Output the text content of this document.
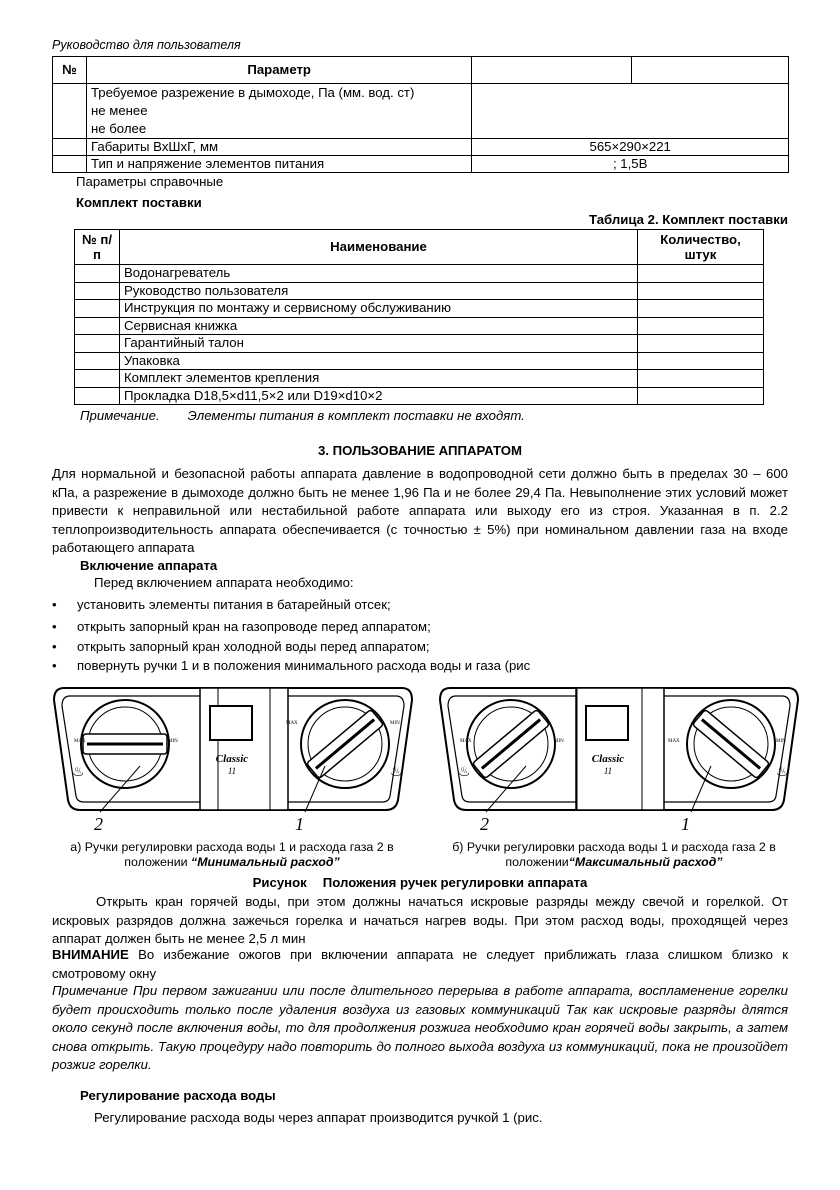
Руководство для пользователя
№	Параметр		

	Требуемое разрежение в дымоходе, Па (мм. вод. ст)
не менее
не более		

	Габариты ВхШхГ, мм	565×290×221	
	Тип и напряжение элементов питания	; 1,5В	
Параметры справочные
Комплект поставки
Таблица 2. Комплект поставки
№ п/п	Наименование	Количество, штук

	Водонагреватель	
	Руководство пользователя	
	Инструкция по монтажу и сервисному обслуживанию	
	Сервисная книжка	
	Гарантийный талон	
	Упаковка	
	Комплект элементов крепления	
	Прокладка D18,5×d11,5×2 или D19×d10×2	
Примечание. Элементы питания в комплект поставки не входят.
3. ПОЛЬЗОВАНИЕ АППАРАТОМ
Для нормальной и безопасной работы аппарата давление в водопроводной сети должно быть в пределах 30 – 600 кПа, а разрежение в дымоходе должно быть не менее 1,96 Па и не более 29,4 Па. Невыполнение этих условий может привести к неправильной или нестабильной работе аппарата или выходу его из строя. Указанная в п. 2.2 теплопроизводительность аппарата обеспечивается (с точностью ± 5%) при номинальном давлении газа на входе работающего аппарата
Включение аппарата
Перед включением аппарата необходимо:
• установить элементы питания в батарейный отсек;
• открыть запорный кран на газопроводе перед аппаратом;
• открыть запорный кран холодной воды перед аппаратом;
• повернуть ручки 1 и в положения минимального расхода воды и газа (рис
Classic
11
MAX	MIN
♨
MAX	MIN
♨
2	1
Classic
11
MAX	MIN
♨
MAX	MIN
♨
2	1
а) Ручки регулировки расхода воды 1 и расхода газа 2 в
положении “Минимальный расход”
б) Ручки регулировки расхода воды 1 и расхода газа 2 в
положении“Максимальный расход”
Рисунок Положения ручек регулировки аппарата
Открыть кран горячей воды, при этом должны начаться искровые разряды между свечой и горелкой. От искровых разрядов должна зажечься горелка и начаться нагрев воды. При этом расход воды, проходящей через аппарат должен быть не менее 2,5 л мин
ВНИМАНИЕ Во избежание ожогов при включении аппарата не следует приближать глаза слишком близко к смотровому окну
Примечание При первом зажигании или после длительного перерыва в работе аппарата, воспламенение горелки будет происходить только после удаления воздуха из газовых коммуникаций Так как искровые разряды длятся около секунд после включения воды, то для продолжения розжига необходимо кран горячей воды закрыть, а затем снова открыть. Такую процедуру надо повторить до полного выхода воздуха из коммуникаций, пока не произойдет розжиг горелки.
Регулирование расхода воды
Регулирование расхода воды через аппарат производится ручкой 1 (рис.
